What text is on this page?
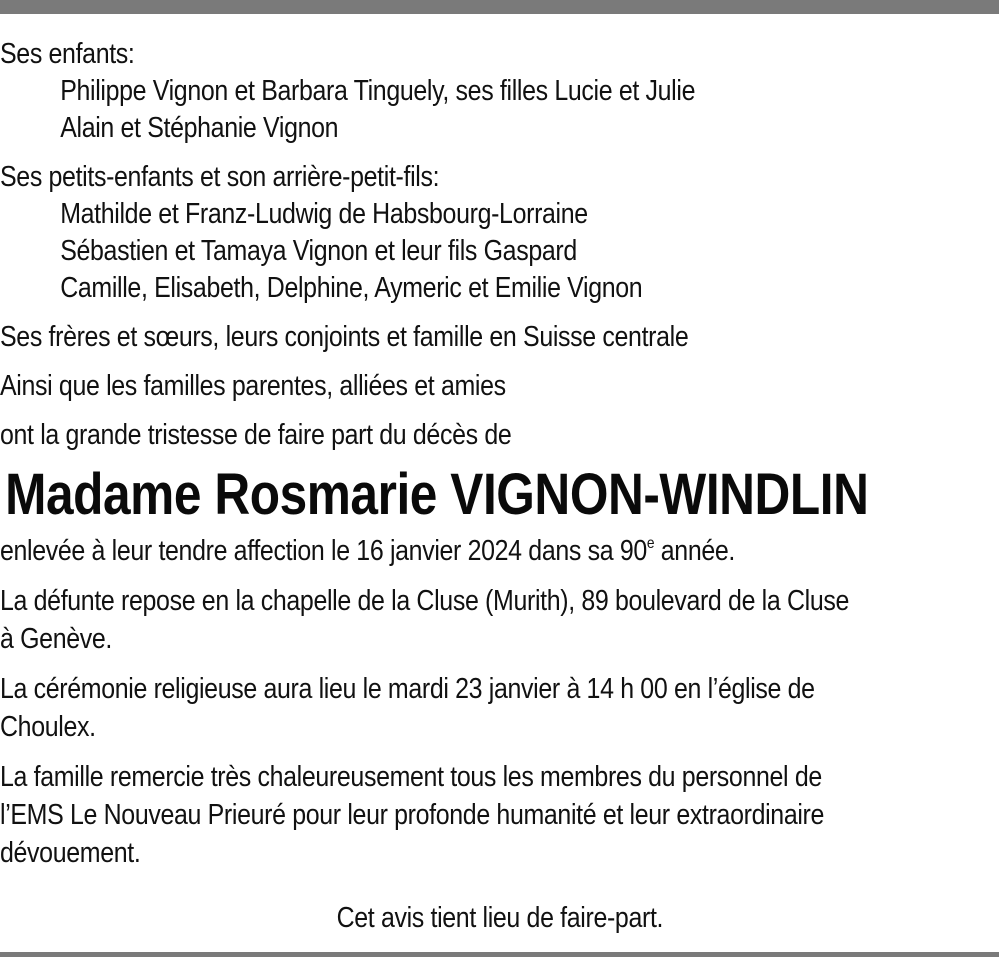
Ses enfants:
Philippe Vignon et Barbara Tinguely, ses filles Lucie et Julie
Alain et Stéphanie Vignon
Ses petits-enfants et son arrière-petit-fils:
Mathilde et Franz-Ludwig de Habsbourg-Lorraine
Sébastien et Tamaya Vignon et leur fils Gaspard
Camille, Elisabeth, Delphine, Aymeric et Emilie Vignon
Ses frères et sœurs, leurs conjoints et famille en Suisse centrale
Ainsi que les familles parentes, alliées et amies
ont la grande tristesse de faire part du décès de
Madame Rosmarie VIGNON-WINDLIN
enlevée à leur tendre affection le 16 janvier 2024 dans sa 90e année.
La défunte repose en la chapelle de la Cluse (Murith), 89 boulevard de la Cluse
à Genève.
La cérémonie religieuse aura lieu le mardi 23 janvier à 14 h 00 en l’église de
Choulex.
La famille remercie très chaleureusement tous les membres du personnel de
l’EMS Le Nouveau Prieuré pour leur profonde humanité et leur extraordinaire
dévouement.
Cet avis tient lieu de faire-part.
